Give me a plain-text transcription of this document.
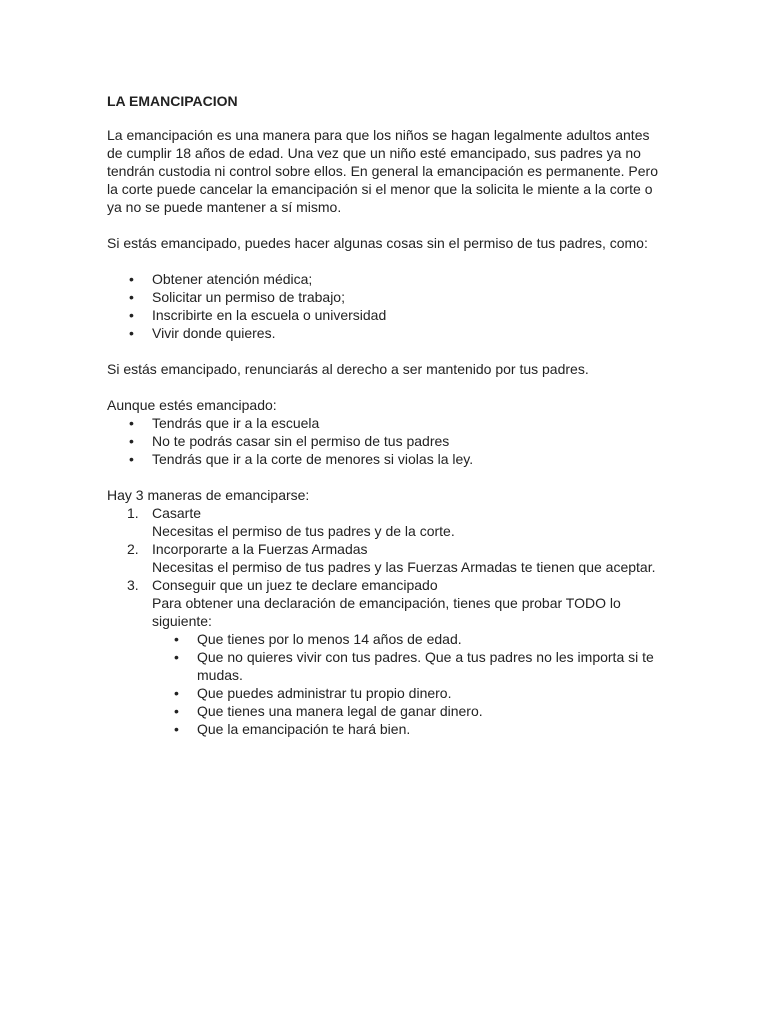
LA EMANCIPACION

La emancipación es una manera para que los niños se hagan legalmente adultos antes de cumplir 18 años de edad. Una vez que un niño esté emancipado, sus padres ya no tendrán custodia ni control sobre ellos. En general la emancipación es permanente. Pero la corte puede cancelar la emancipación si el menor que la solicita le miente a la corte o ya no se puede mantener a sí mismo.

Si estás emancipado, puedes hacer algunas cosas sin el permiso de tus padres, como:

• Obtener atención médica;
• Solicitar un permiso de trabajo;
• Inscribirte en la escuela o universidad
• Vivir donde quieres.

Si estás emancipado, renunciarás al derecho a ser mantenido por tus padres.

Aunque estés emancipado:

• Tendrás que ir a la escuela
• No te podrás casar sin el permiso de tus padres
• Tendrás que ir a la corte de menores si violas la ley.

Hay 3 maneras de emanciparse:

1. Casarte
Necesitas el permiso de tus padres y de la corte.
2. Incorporarte a la Fuerzas Armadas
Necesitas el permiso de tus padres y las Fuerzas Armadas te tienen que aceptar.
3. Conseguir que un juez te declare emancipado
Para obtener una declaración de emancipación, tienes que probar TODO lo siguiente:
• Que tienes por lo menos 14 años de edad.
• Que no quieres vivir con tus padres. Que a tus padres no les importa si te mudas.
• Que puedes administrar tu propio dinero.
• Que tienes una manera legal de ganar dinero.
• Que la emancipación te hará bien.
